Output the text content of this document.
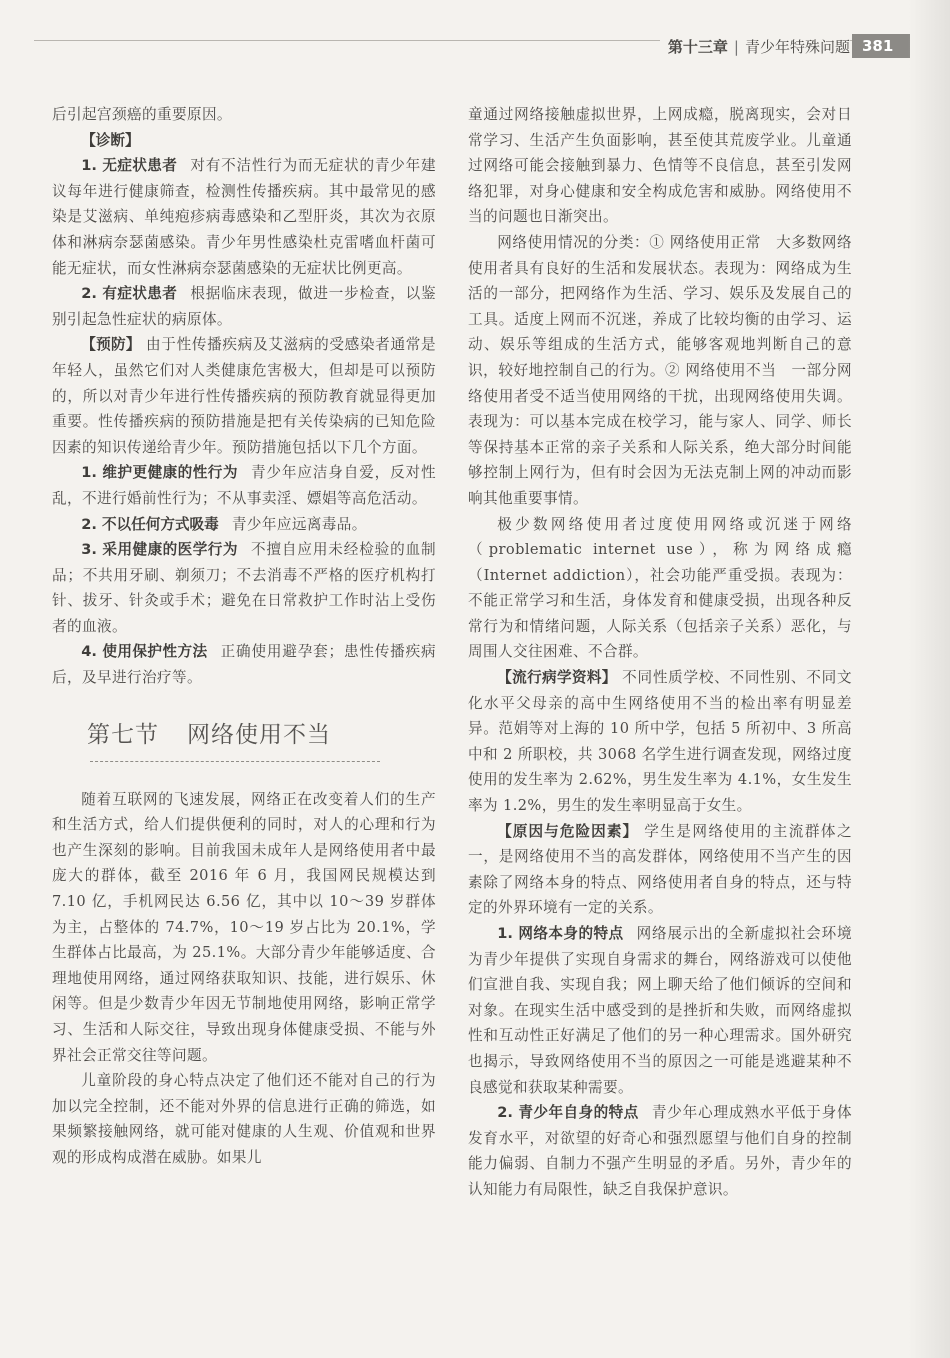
第十三章 | 青少年特殊问题 381

后引起宫颈癌的重要原因。

【诊断】

1. 无症状患者 对有不洁性行为而无症状的青少年建议每年进行健康筛查，检测性传播疾病。其中最常见的感染是艾滋病、单纯疱疹病毒感染和乙型肝炎，其次为衣原体和淋病奈瑟菌感染。青少年男性感染杜克雷嗜血杆菌可能无症状，而女性淋病奈瑟菌感染的无症状比例更高。

2. 有症状患者 根据临床表现，做进一步检查，以鉴别引起急性症状的病原体。

【预防】 由于性传播疾病及艾滋病的受感染者通常是年轻人，虽然它们对人类健康危害极大，但却是可以预防的，所以对青少年进行性传播疾病的预防教育就显得更加重要。性传播疾病的预防措施是把有关传染病的已知危险因素的知识传递给青少年。预防措施包括以下几个方面。

1. 维护更健康的性行为 青少年应洁身自爱，反对性乱，不进行婚前性行为；不从事卖淫、嫖娼等高危活动。

2. 不以任何方式吸毒 青少年应远离毒品。

3. 采用健康的医学行为 不擅自应用未经检验的血制品；不共用牙刷、剃须刀；不去消毒不严格的医疗机构打针、拔牙、针灸或手术；避免在日常救护工作时沾上受伤者的血液。

4. 使用保护性方法 正确使用避孕套；患性传播疾病后，及早进行治疗等。

第七节 网络使用不当

随着互联网的飞速发展，网络正在改变着人们的生产和生活方式，给人们提供便利的同时，对人的心理和行为也产生深刻的影响。目前我国未成年人是网络使用者中最庞大的群体，截至 2016 年 6 月，我国网民规模达到 7.10 亿，手机网民达 6.56 亿，其中以 10～39 岁群体为主，占整体的 74.7%，10～19 岁占比为 20.1%，学生群体占比最高，为 25.1%。大部分青少年能够适度、合理地使用网络，通过网络获取知识、技能，进行娱乐、休闲等。但是少数青少年因无节制地使用网络，影响正常学习、生活和人际交往，导致出现身体健康受损、不能与外界社会正常交往等问题。

儿童阶段的身心特点决定了他们还不能对自己的行为加以完全控制，还不能对外界的信息进行正确的筛选，如果频繁接触网络，就可能对健康的人生观、价值观和世界观的形成构成潜在威胁。如果儿

童通过网络接触虚拟世界，上网成瘾，脱离现实，会对日常学习、生活产生负面影响，甚至使其荒废学业。儿童通过网络可能会接触到暴力、色情等不良信息，甚至引发网络犯罪，对身心健康和安全构成危害和威胁。网络使用不当的问题也日渐突出。

网络使用情况的分类：① 网络使用正常　大多数网络使用者具有良好的生活和发展状态。表现为：网络成为生活的一部分，把网络作为生活、学习、娱乐及发展自己的工具。适度上网而不沉迷，养成了比较均衡的由学习、运动、娱乐等组成的生活方式，能够客观地判断自己的意识，较好地控制自己的行为。② 网络使用不当　一部分网络使用者受不适当使用网络的干扰，出现网络使用失调。表现为：可以基本完成在校学习，能与家人、同学、师长等保持基本正常的亲子关系和人际关系，绝大部分时间能够控制上网行为，但有时会因为无法克制上网的冲动而影响其他重要事情。

极少数网络使用者过度使用网络或沉迷于网络（problematic internet use），称为网络成瘾（Internet addiction），社会功能严重受损。表现为：不能正常学习和生活，身体发育和健康受损，出现各种反常行为和情绪问题，人际关系（包括亲子关系）恶化，与周围人交往困难、不合群。

【流行病学资料】 不同性质学校、不同性别、不同文化水平父母亲的高中生网络使用不当的检出率有明显差异。范娟等对上海的 10 所中学，包括 5 所初中、3 所高中和 2 所职校，共 3068 名学生进行调查发现，网络过度使用的发生率为 2.62%，男生发生率为 4.1%，女生发生率为 1.2%，男生的发生率明显高于女生。

【原因与危险因素】 学生是网络使用的主流群体之一，是网络使用不当的高发群体，网络使用不当产生的因素除了网络本身的特点、网络使用者自身的特点，还与特定的外界环境有一定的关系。

1. 网络本身的特点 网络展示出的全新虚拟社会环境为青少年提供了实现自身需求的舞台，网络游戏可以使他们宣泄自我、实现自我；网上聊天给了他们倾诉的空间和对象。在现实生活中感受到的是挫折和失败，而网络虚拟性和互动性正好满足了他们的另一种心理需求。国外研究也揭示，导致网络使用不当的原因之一可能是逃避某种不良感觉和获取某种需要。

2. 青少年自身的特点 青少年心理成熟水平低于身体发育水平，对欲望的好奇心和强烈愿望与他们自身的控制能力偏弱、自制力不强产生明显的矛盾。另外，青少年的认知能力有局限性，缺乏自我保护意识。
